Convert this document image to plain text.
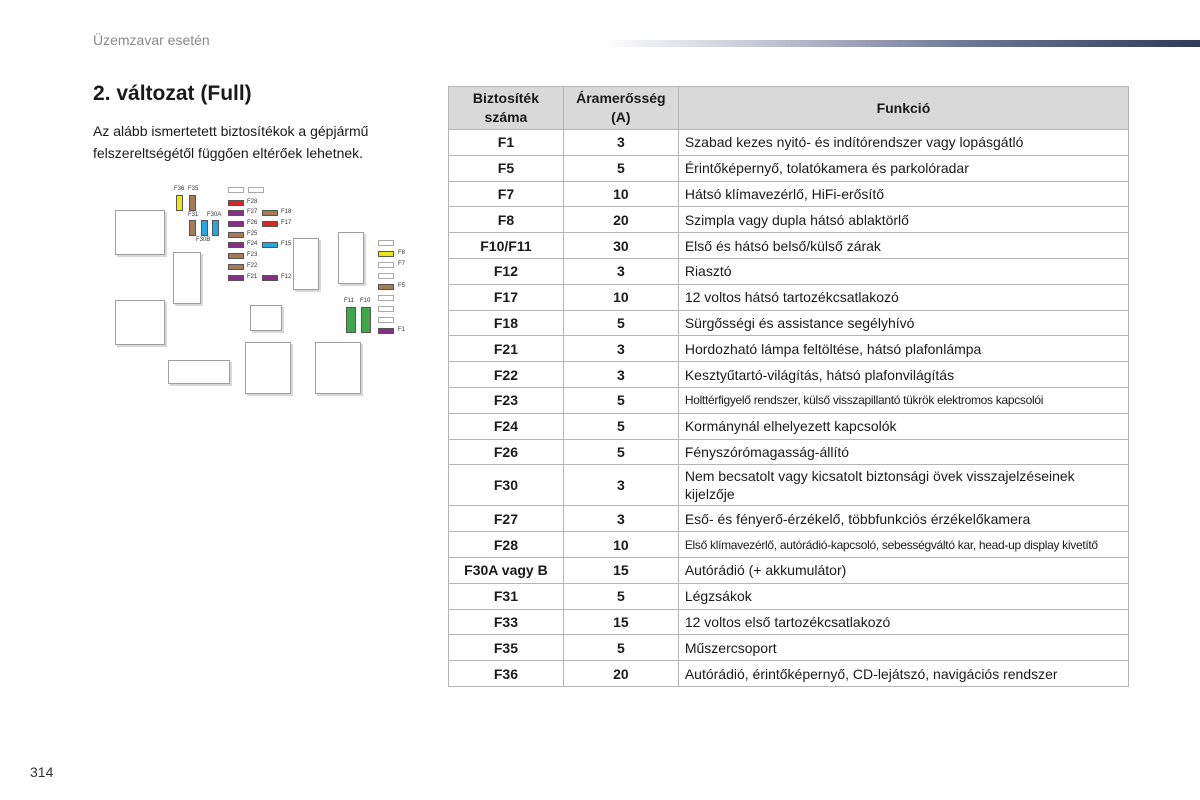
Üzemzavar esetén
2. változat (Full)
Az alább ismertetett biztosítékok a gépjármű felszereltségétől függően eltérőek lehetnek.
F36 F35
F31 F30A
F30B
F28
F27	F18
F26	F17
F25
F24	F15
F23
F22
F21	F12
F8
F7
F5
F11 F10
F1
Biztosíték száma	Áramerősség (A)	Funkció
F1	3	Szabad kezes nyitó- és indítórendszer vagy lopásgátló
F5	5	Érintőképernyő, tolatókamera és parkolóradar
F7	10	Hátsó klímavezérlő, HiFi-erősítő
F8	20	Szimpla vagy dupla hátsó ablaktörlő
F10/F11	30	Első és hátsó belső/külső zárak
F12	3	Riasztó
F17	10	12 voltos hátsó tartozékcsatlakozó
F18	5	Sürgősségi és assistance segélyhívó
F21	3	Hordozható lámpa feltöltése, hátsó plafonlámpa
F22	3	Kesztyűtartó-világítás, hátsó plafonvilágítás
F23	5	Holttérfigyelő rendszer, külső visszapillantó tükrök elektromos kapcsolói
F24	5	Kormánynál elhelyezett kapcsolók
F26	5	Fényszórómagasság-állító
F30	3	Nem becsatolt vagy kicsatolt biztonsági övek visszajelzéseinek kijelzője
F27	3	Eső- és fényerő-érzékelő, többfunkciós érzékelőkamera
F28	10	Első klímavezérlő, autórádió-kapcsoló, sebességváltó kar, head-up display kivetítő
F30A vagy B	15	Autórádió (+ akkumulátor)
F31	5	Légzsákok
F33	15	12 voltos első tartozékcsatlakozó
F35	5	Műszercsoport
F36	20	Autórádió, érintőképernyő, CD-lejátszó, navigációs rendszer
314
